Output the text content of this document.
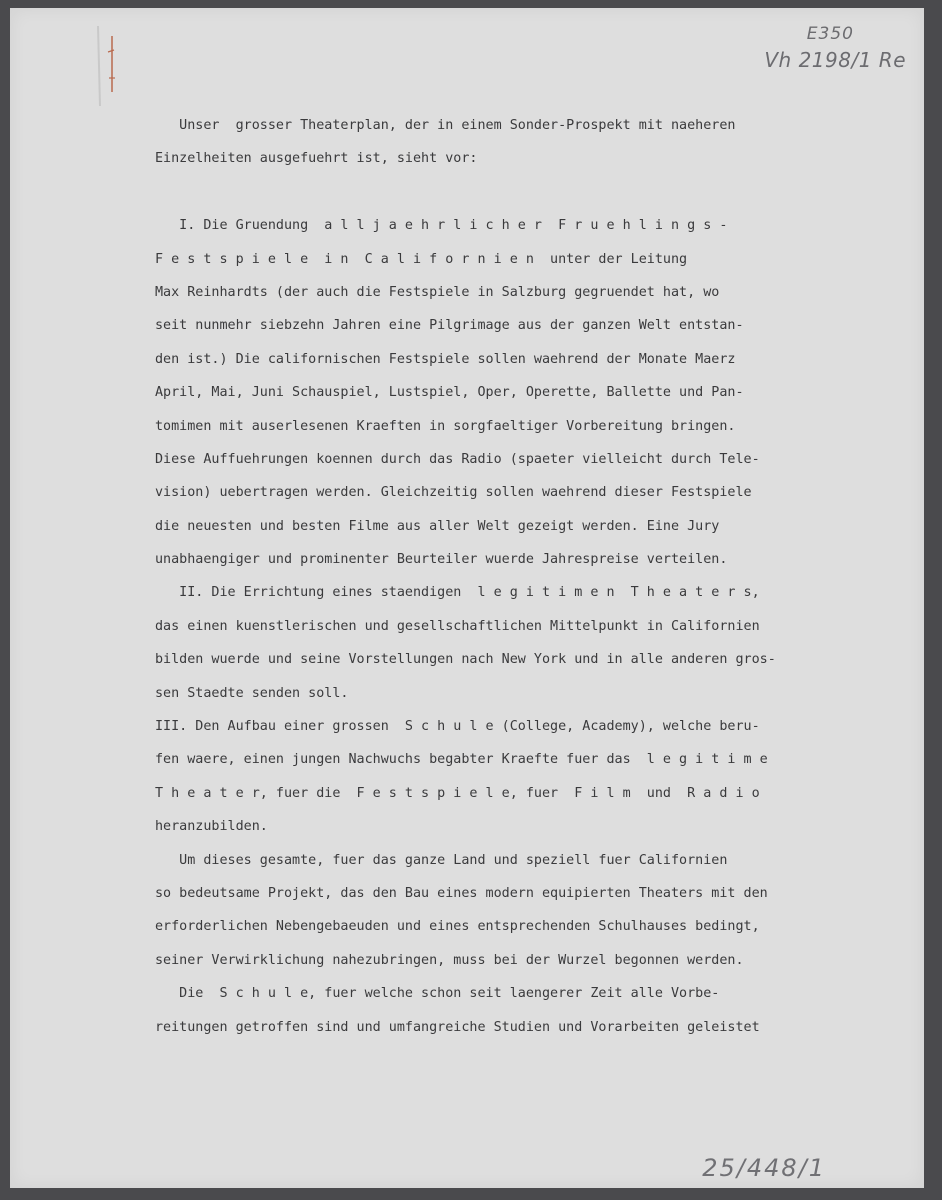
E350
Vh 2198/1 Re
Unser  grosser Theaterplan, der in einem Sonder-Prospekt mit naeheren
Einzelheiten ausgefuehrt ist, sieht vor:
I. Die Gruendung  a l l j a e h r l i c h e r  F r u e h l i n g s -
F e s t s p i e l e  i n  C a l i f o r n i e n  unter der Leitung
Max Reinhardts (der auch die Festspiele in Salzburg gegruendet hat, wo
seit nunmehr siebzehn Jahren eine Pilgrimage aus der ganzen Welt entstan-
den ist.) Die californischen Festspiele sollen waehrend der Monate Maerz
April, Mai, Juni Schauspiel, Lustspiel, Oper, Operette, Ballette und Pan-
tomimen mit auserlesenen Kraeften in sorgfaeltiger Vorbereitung bringen.
Diese Auffuehrungen koennen durch das Radio (spaeter vielleicht durch Tele-
vision) uebertragen werden. Gleichzeitig sollen waehrend dieser Festspiele
die neuesten und besten Filme aus aller Welt gezeigt werden. Eine Jury
unabhaengiger und prominenter Beurteiler wuerde Jahrespreise verteilen.
II. Die Errichtung eines staendigen  l e g i t i m e n  T h e a t e r s,
das einen kuenstlerischen und gesellschaftlichen Mittelpunkt in Californien
bilden wuerde und seine Vorstellungen nach New York und in alle anderen gros-
sen Staedte senden soll.
III. Den Aufbau einer grossen  S c h u l e (College, Academy), welche beru-
fen waere, einen jungen Nachwuchs begabter Kraefte fuer das  l e g i t i m e
T h e a t e r, fuer die  F e s t s p i e l e, fuer  F i l m  und  R a d i o
heranzubilden.
Um dieses gesamte, fuer das ganze Land und speziell fuer Californien
so bedeutsame Projekt, das den Bau eines modern equipierten Theaters mit den
erforderlichen Nebengebaeuden und eines entsprechenden Schulhauses bedingt,
seiner Verwirklichung nahezubringen, muss bei der Wurzel begonnen werden.
Die  S c h u l e, fuer welche schon seit laengerer Zeit alle Vorbe-
reitungen getroffen sind und umfangreiche Studien und Vorarbeiten geleistet
25/448/1
